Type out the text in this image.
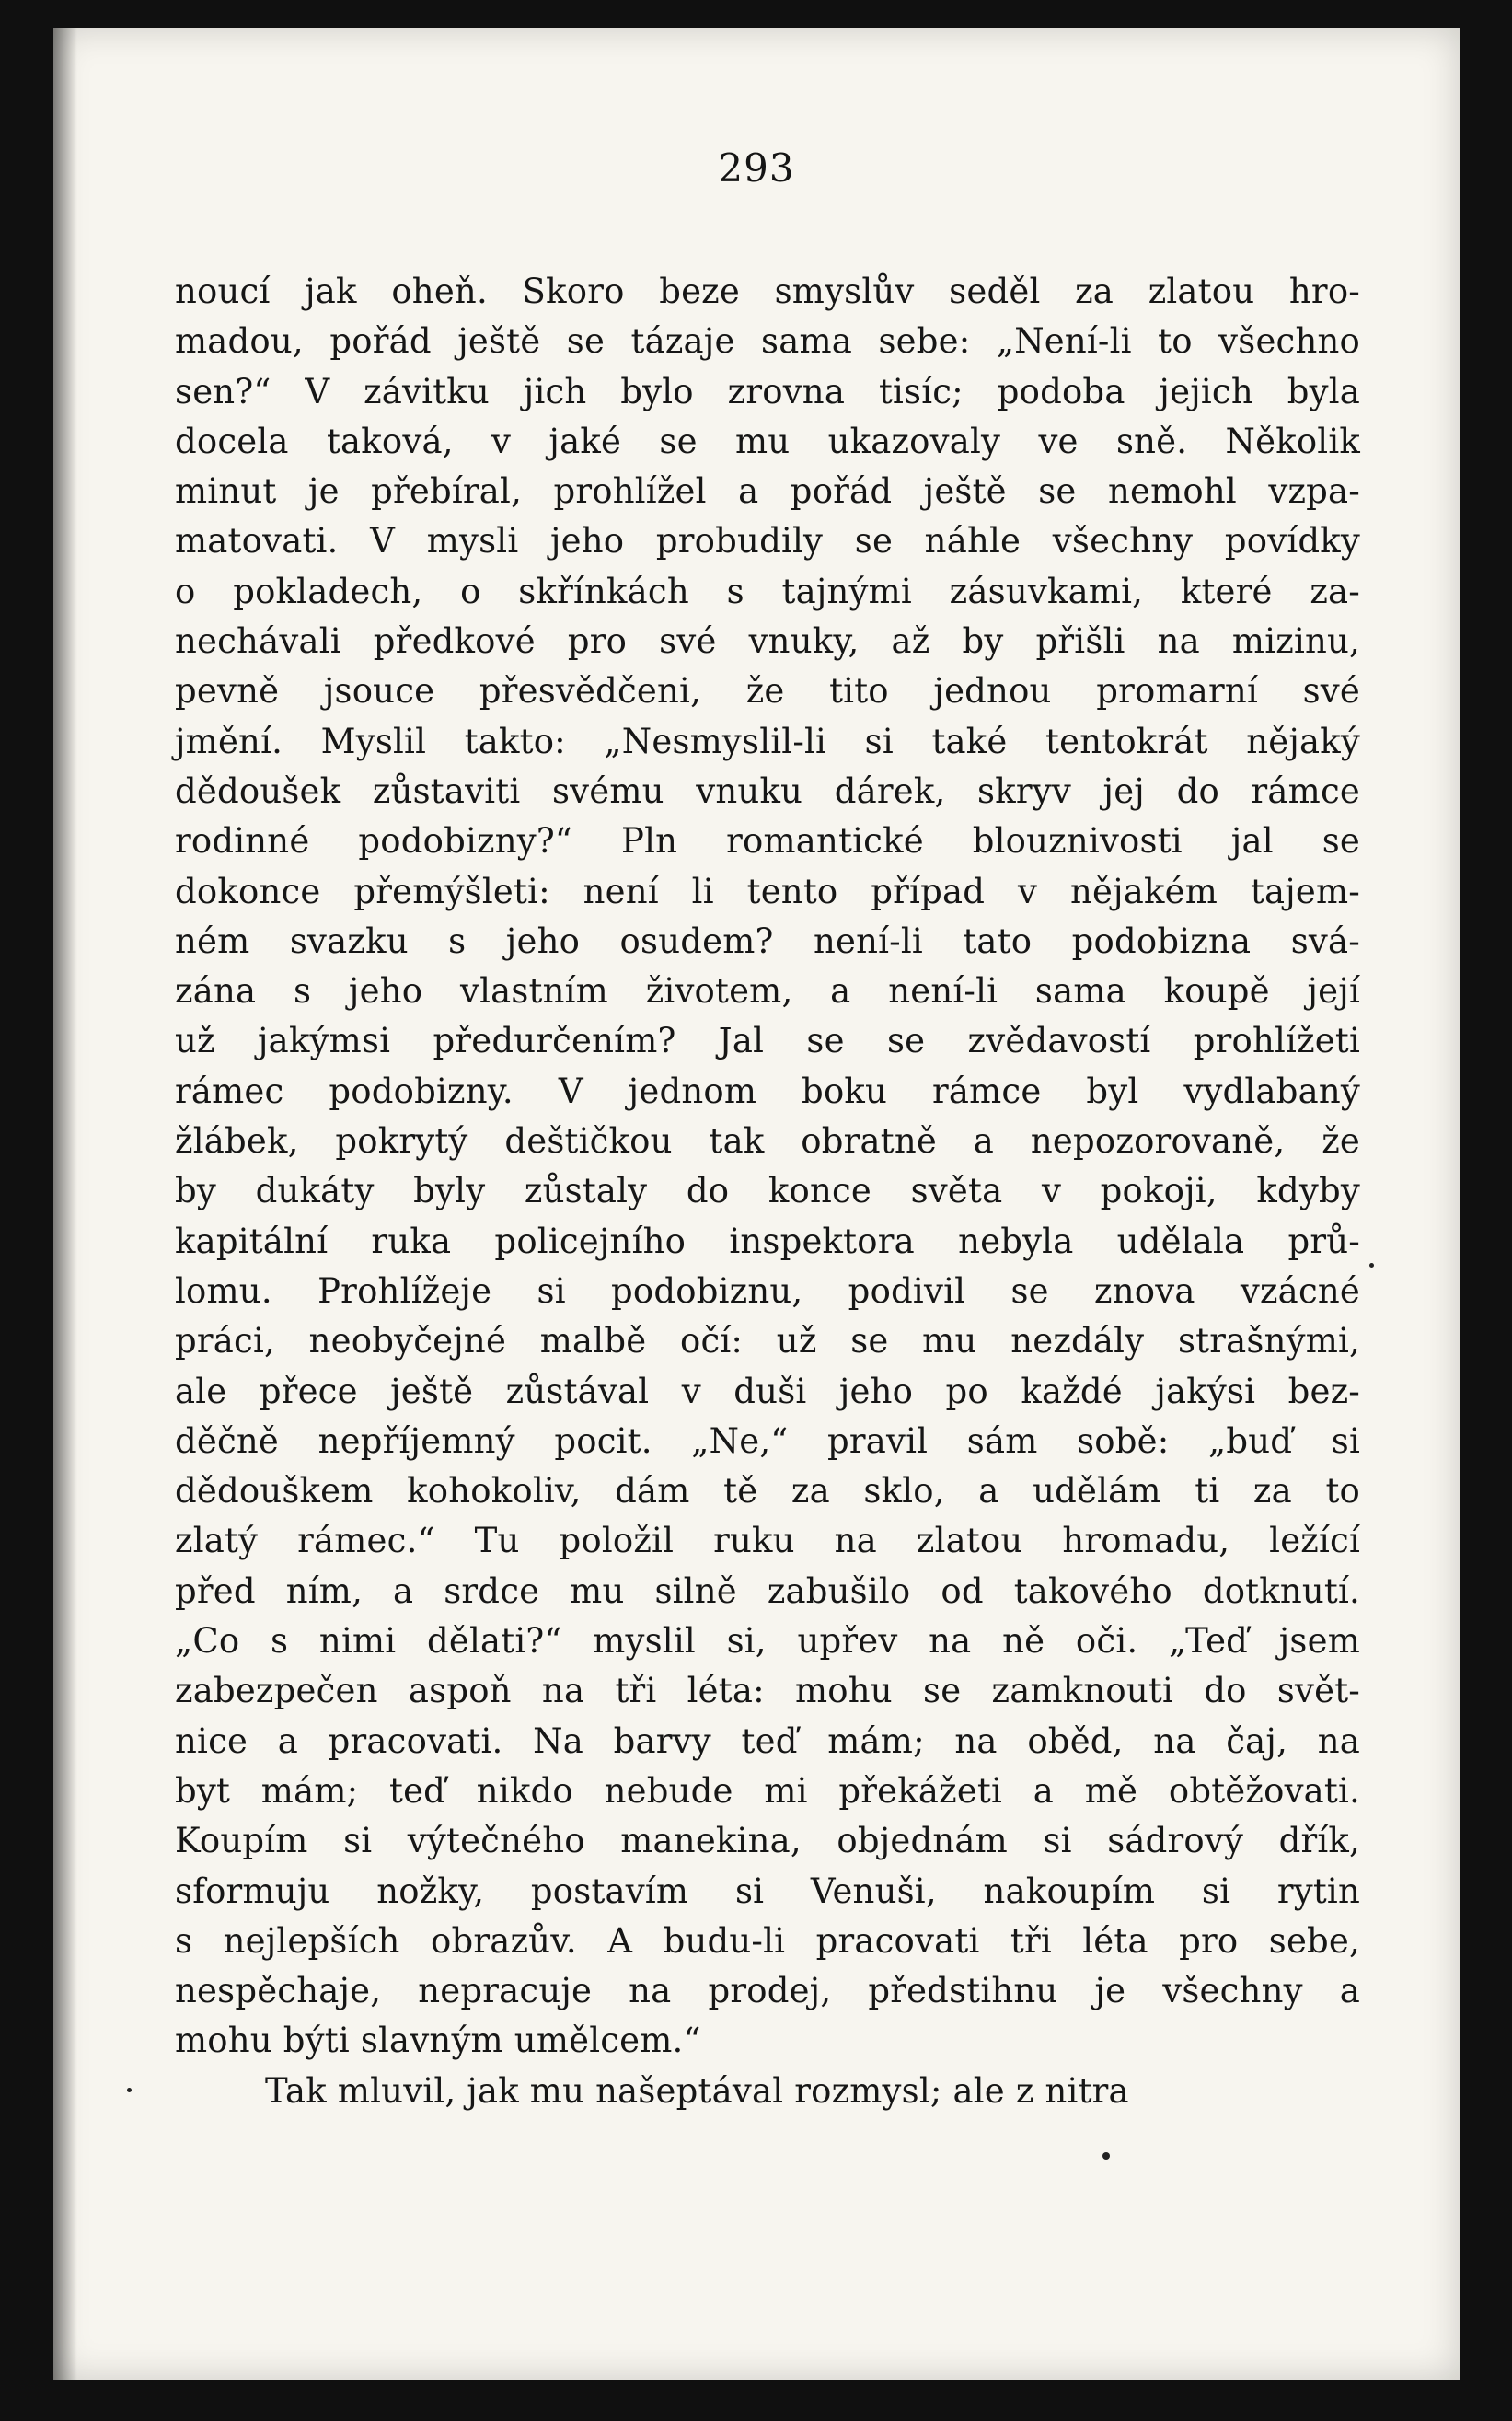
293
noucí jak oheň. Skoro beze smyslův seděl za zlatou hro-
madou, pořád ještě se tázaje sama sebe: „Není-li to všechno
sen?“ V závitku jich bylo zrovna tisíc; podoba jejich byla
docela taková, v jaké se mu ukazovaly ve sně. Několik
minut je přebíral, prohlížel a pořád ještě se nemohl vzpa-
matovati. V mysli jeho probudily se náhle všechny povídky
o pokladech, o skřínkách s tajnými zásuvkami, které za-
nechávali předkové pro své vnuky, až by přišli na mizinu,
pevně jsouce přesvědčeni, že tito jednou promarní své
jmění. Myslil takto: „Nesmyslil-li si také tentokrát nějaký
dědoušek zůstaviti svému vnuku dárek, skryv jej do rámce
rodinné podobizny?“ Pln romantické blouznivosti jal se
dokonce přemýšleti: není li tento případ v nějakém tajem-
ném svazku s jeho osudem? není-li tato podobizna svá-
zána s jeho vlastním životem, a není-li sama koupě její
už jakýmsi předurčením? Jal se se zvědavostí prohlížeti
rámec podobizny. V jednom boku rámce byl vydlabaný
žlábek, pokrytý deštičkou tak obratně a nepozorovaně, že
by dukáty byly zůstaly do konce světa v pokoji, kdyby
kapitální ruka policejního inspektora nebyla udělala prů-
lomu. Prohlížeje si podobiznu, podivil se znova vzácné
práci, neobyčejné malbě očí: už se mu nezdály strašnými,
ale přece ještě zůstával v duši jeho po každé jakýsi bez-
děčně nepříjemný pocit. „Ne,“ pravil sám sobě: „buď si
dědouškem kohokoliv, dám tě za sklo, a udělám ti za to
zlatý rámec.“ Tu položil ruku na zlatou hromadu, ležící
před ním, a srdce mu silně zabušilo od takového dotknutí.
„Co s nimi dělati?“ myslil si, upřev na ně oči. „Teď jsem
zabezpečen aspoň na tři léta: mohu se zamknouti do svět-
nice a pracovati. Na barvy teď mám; na oběd, na čaj, na
byt mám; teď nikdo nebude mi překážeti a mě obtěžovati.
Koupím si výtečného manekina, objednám si sádrový dřík,
sformuju nožky, postavím si Venuši, nakoupím si rytin
s nejlepších obrazův. A budu-li pracovati tři léta pro sebe,
nespěchaje, nepracuje na prodej, předstihnu je všechny a
mohu býti slavným umělcem.“
Tak mluvil, jak mu našeptával rozmysl; ale z nitra
